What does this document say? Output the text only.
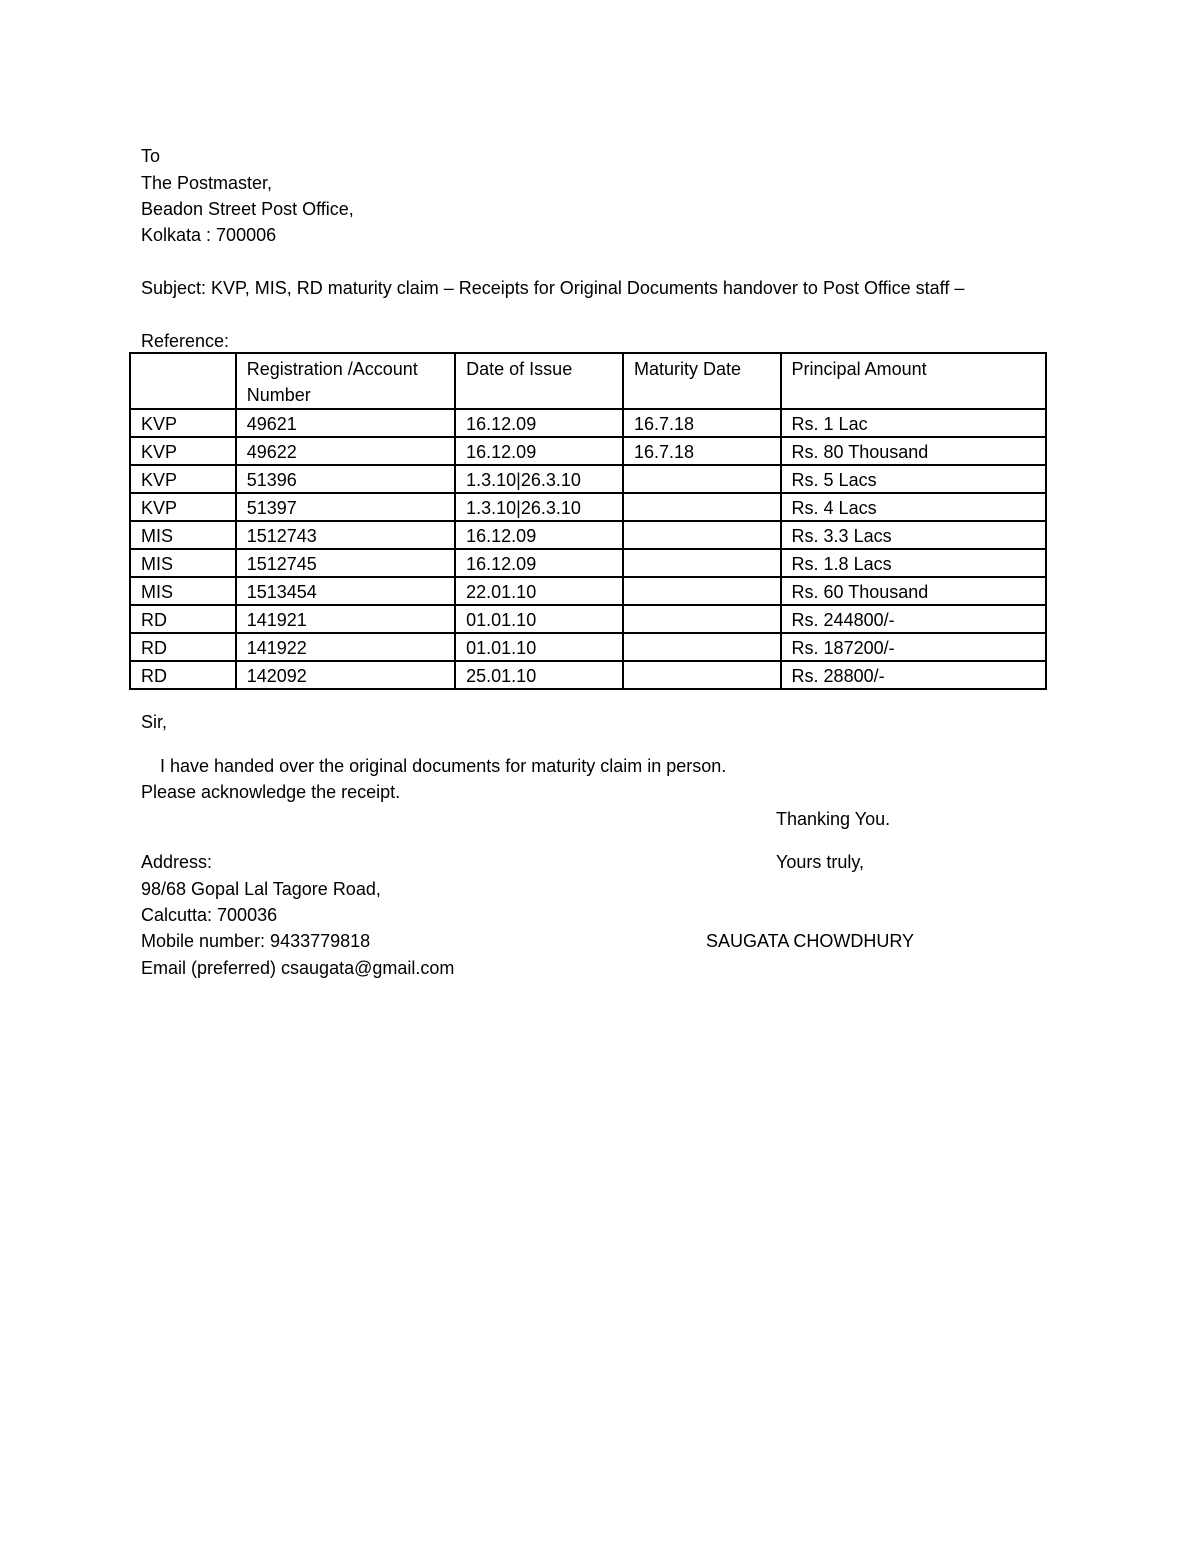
To
The Postmaster,
Beadon Street Post Office,
Kolkata : 700006
Subject: KVP, MIS, RD maturity claim – Receipts for Original Documents handover to Post Office staff –
Reference:
	Registration /Account Number	Date of Issue	Maturity Date	Principal Amount
KVP	49621	16.12.09	16.7.18	Rs. 1 Lac
KVP	49622	16.12.09	16.7.18	Rs. 80 Thousand
KVP	51396	1.3.10|26.3.10		Rs. 5 Lacs
KVP	51397	1.3.10|26.3.10		Rs. 4 Lacs
MIS	1512743	16.12.09		Rs. 3.3 Lacs
MIS	1512745	16.12.09		Rs. 1.8 Lacs
MIS	1513454	22.01.10		Rs. 60 Thousand
RD	141921	01.01.10		Rs. 244800/-
RD	141922	01.01.10		Rs. 187200/-
RD	142092	25.01.10		Rs. 28800/-
Sir,
I have handed over the original documents for maturity claim in person.
Please acknowledge the receipt.
Thanking You.
Address:	Yours truly,
98/68 Gopal Lal Tagore Road,
Calcutta: 700036
Mobile number: 9433779818	SAUGATA CHOWDHURY
Email (preferred) csaugata@gmail.com
